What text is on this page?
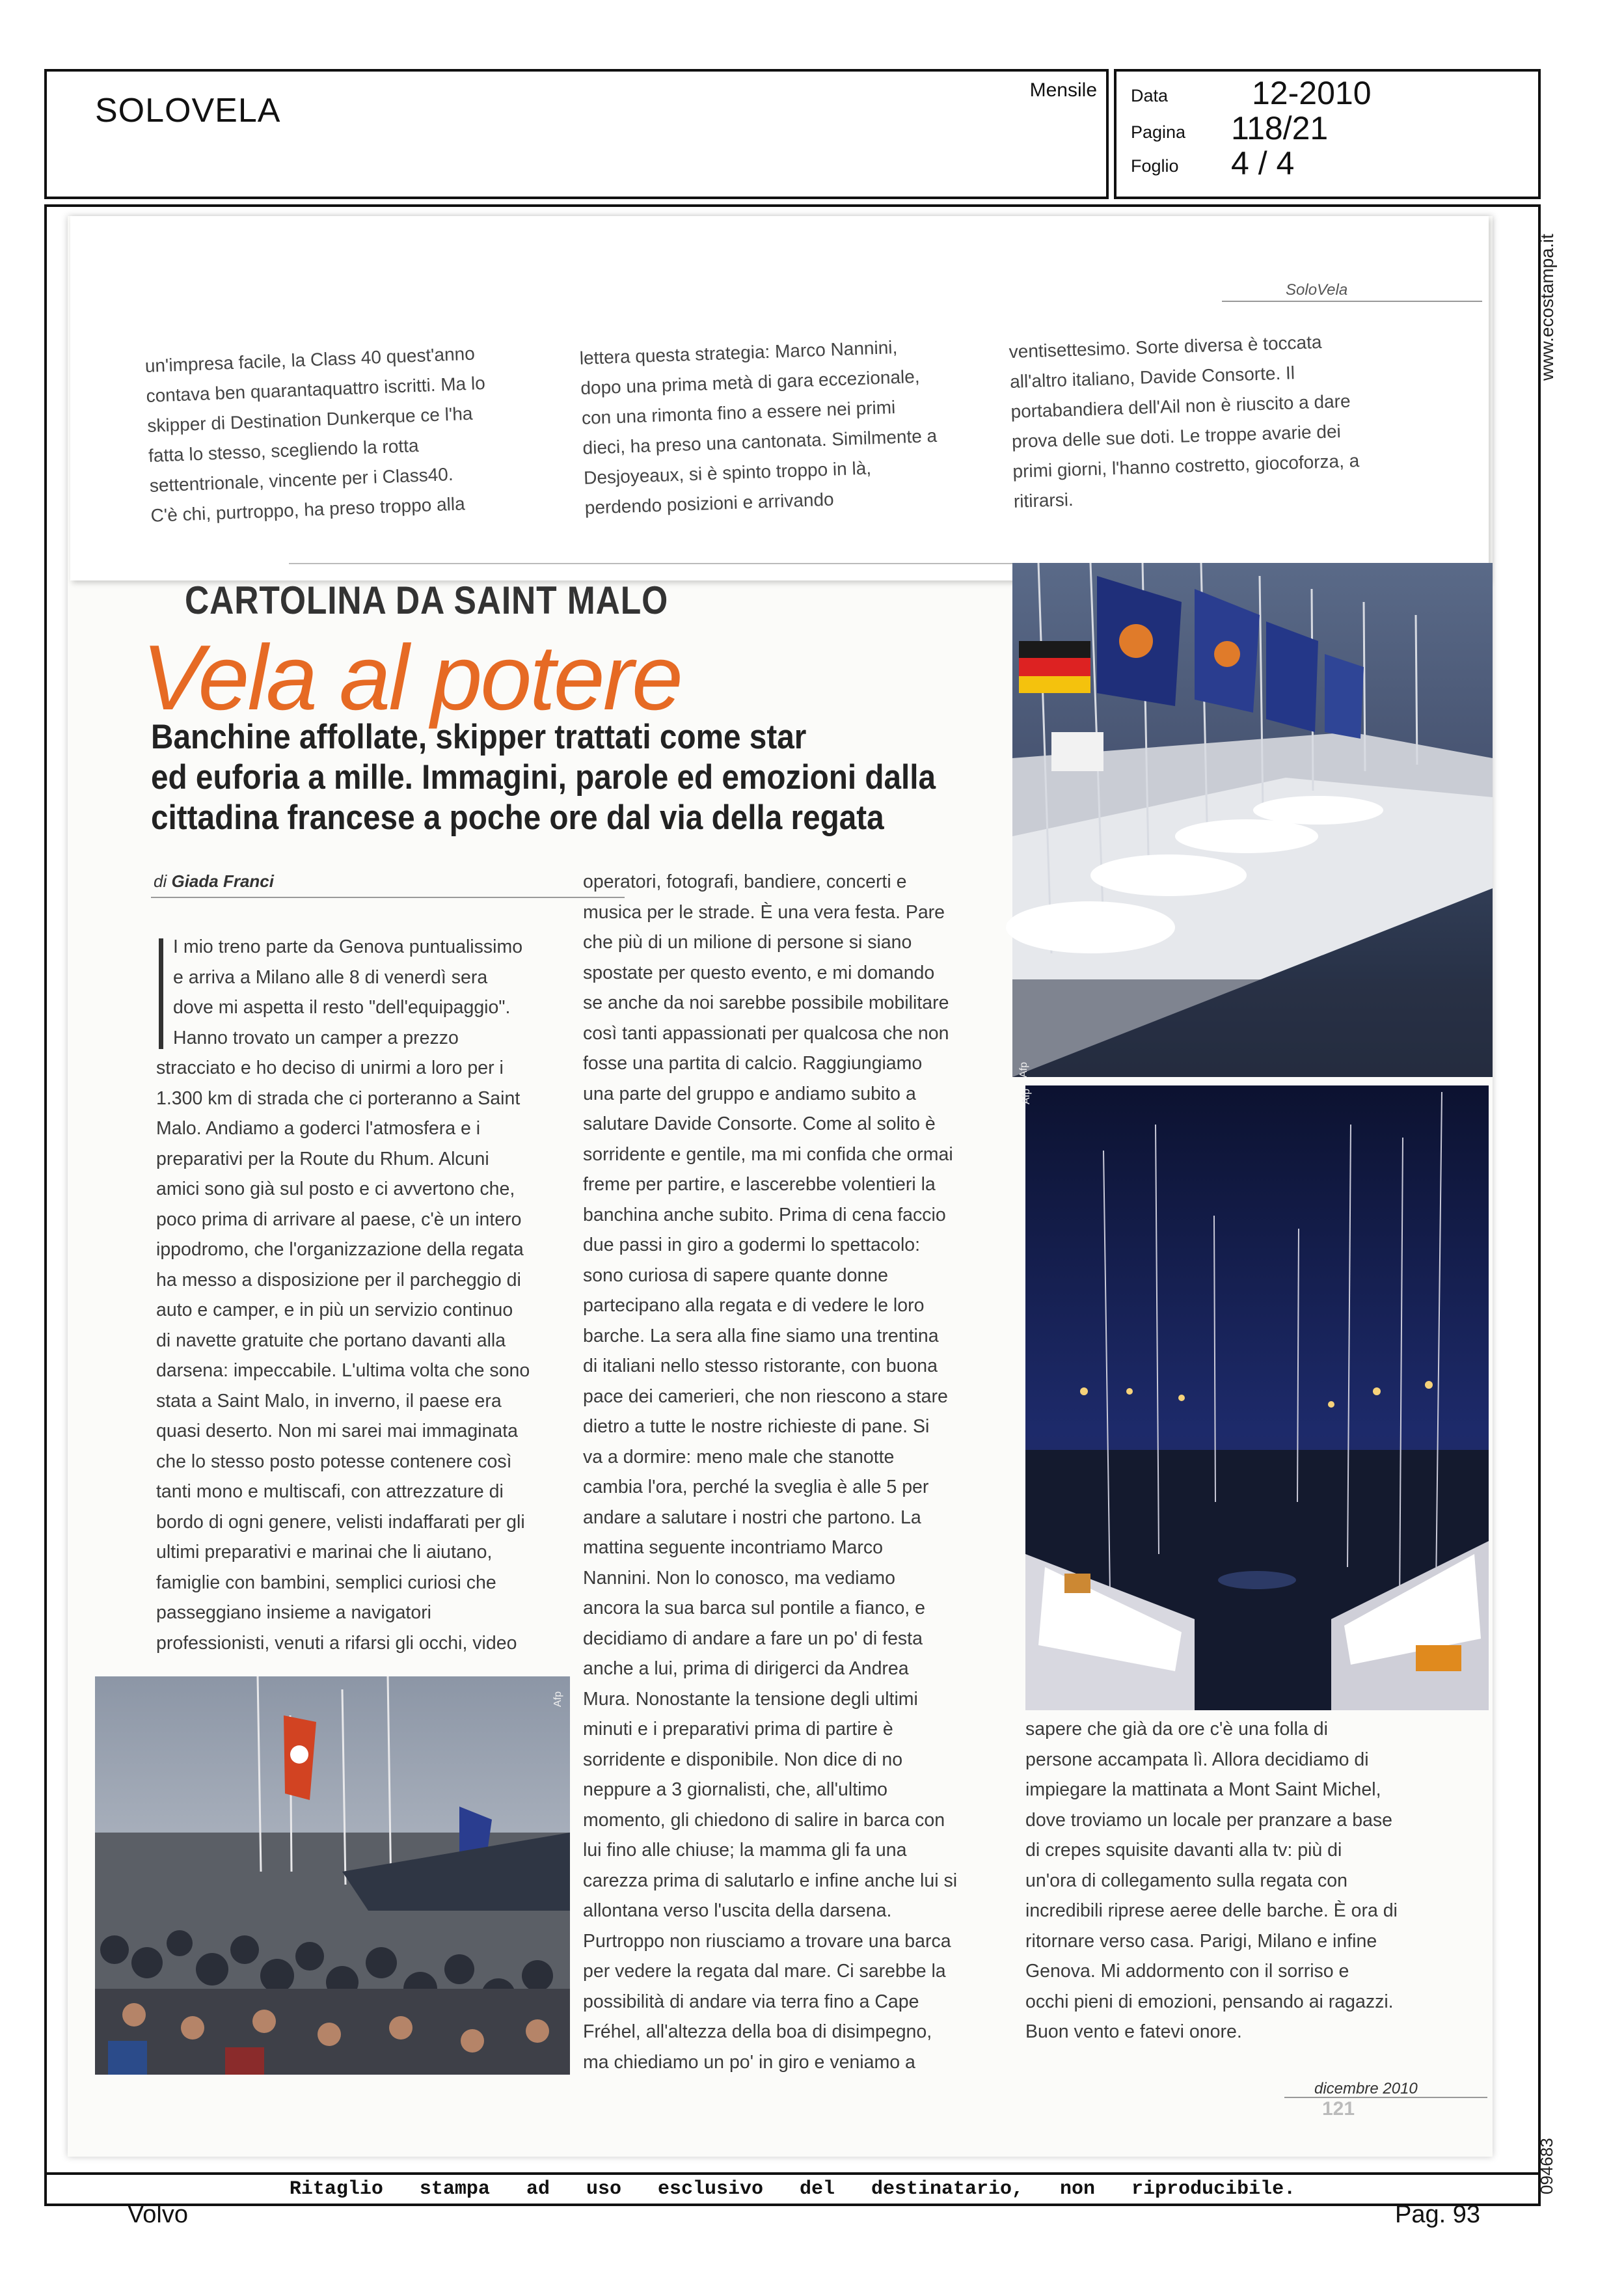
SOLOVELA
Mensile Data	12-2010
Pagina 118/21
Foglio 4 / 4
www.ecostampa.it
094683
SoloVela
un'impresa facile, la Class 40 quest'anno
contava ben quarantaquattro iscritti. Ma lo
skipper di Destination Dunkerque ce l'ha
fatta lo stesso, scegliendo la rotta
settentrionale, vincente per i Class40.
C'è chi, purtroppo, ha preso troppo alla
lettera questa strategia: Marco Nannini,
dopo una prima metà di gara eccezionale,
con una rimonta fino a essere nei primi
dieci, ha preso una cantonata. Similmente a
Desjoyeaux, si è spinto troppo in là,
perdendo posizioni e arrivando
ventisettesimo. Sorte diversa è toccata
all'altro italiano, Davide Consorte. Il
portabandiera dell'Ail non è riuscito a dare
prova delle sue doti. Le troppe avarie dei
primi giorni, l'hanno costretto, giocoforza, a
ritirarsi.
CARTOLINA DA SAINT MALO
Vela al potere
Banchine affollate, skipper trattati come star
ed euforia a mille. Immagini, parole ed emozioni dalla
cittadina francese a poche ore dal via della regata
di Giada Franci
I mio treno parte da Genova puntualissimo
e arriva a Milano alle 8 di venerdì sera
dove mi aspetta il resto "dell'equipaggio".
Hanno trovato un camper a prezzo
stracciato e ho deciso di unirmi a loro per i
1.300 km di strada che ci porteranno a Saint
Malo. Andiamo a goderci l'atmosfera e i
preparativi per la Route du Rhum. Alcuni
amici sono già sul posto e ci avvertono che,
poco prima di arrivare al paese, c'è un intero
ippodromo, che l'organizzazione della regata
ha messo a disposizione per il parcheggio di
auto e camper, e in più un servizio continuo
di navette gratuite che portano davanti alla
darsena: impeccabile. L'ultima volta che sono
stata a Saint Malo, in inverno, il paese era
quasi deserto. Non mi sarei mai immaginata
che lo stesso posto potesse contenere così
tanti mono e multiscafi, con attrezzature di
bordo di ogni genere, velisti indaffarati per gli
ultimi preparativi e marinai che li aiutano,
famiglie con bambini, semplici curiosi che
passeggiano insieme a navigatori
professionisti, venuti a rifarsi gli occhi, video
operatori, fotografi, bandiere, concerti e
musica per le strade. È una vera festa. Pare
che più di un milione di persone si siano
spostate per questo evento, e mi domando
se anche da noi sarebbe possibile mobilitare
così tanti appassionati per qualcosa che non
fosse una partita di calcio. Raggiungiamo
una parte del gruppo e andiamo subito a
salutare Davide Consorte. Come al solito è
sorridente e gentile, ma mi confida che ormai
freme per partire, e lascerebbe volentieri la
banchina anche subito. Prima di cena faccio
due passi in giro a godermi lo spettacolo:
sono curiosa di sapere quante donne
partecipano alla regata e di vedere le loro
barche. La sera alla fine siamo una trentina
di italiani nello stesso ristorante, con buona
pace dei camerieri, che non riescono a stare
dietro a tutte le nostre richieste di pane. Si
va a dormire: meno male che stanotte
cambia l'ora, perché la sveglia è alle 5 per
andare a salutare i nostri che partono. La
mattina seguente incontriamo Marco
Nannini. Non lo conosco, ma vediamo
ancora la sua barca sul pontile a fianco, e
decidiamo di andare a fare un po' di festa
anche a lui, prima di dirigerci da Andrea
Mura. Nonostante la tensione degli ultimi
minuti e i preparativi prima di partire è
sorridente e disponibile. Non dice di no
neppure a 3 giornalisti, che, all'ultimo
momento, gli chiedono di salire in barca con
lui fino alle chiuse; la mamma gli fa una
carezza prima di salutarlo e infine anche lui si
allontana verso l'uscita della darsena.
Purtroppo non riusciamo a trovare una barca
per vedere la regata dal mare. Ci sarebbe la
possibilità di andare via terra fino a Cape
Fréhel, all'altezza della boa di disimpegno,
ma chiediamo un po' in giro e veniamo a
sapere che già da ore c'è una folla di
persone accampata lì. Allora decidiamo di
impiegare la mattinata a Mont Saint Michel,
dove troviamo un locale per pranzare a base
di crepes squisite davanti alla tv: più di
un'ora di collegamento sulla regata con
incredibili riprese aeree delle barche. È ora di
ritornare verso casa. Parigi, Milano e infine
Genova. Mi addormento con il sorriso e
occhi pieni di emozioni, pensando ai ragazzi.
Buon vento e fatevi onore.
Afp
Afp
Afp
dicembre 2010
121
Ritaglio stampa ad uso esclusivo del destinatario, non riproducibile.
Volvo	Pag. 93
